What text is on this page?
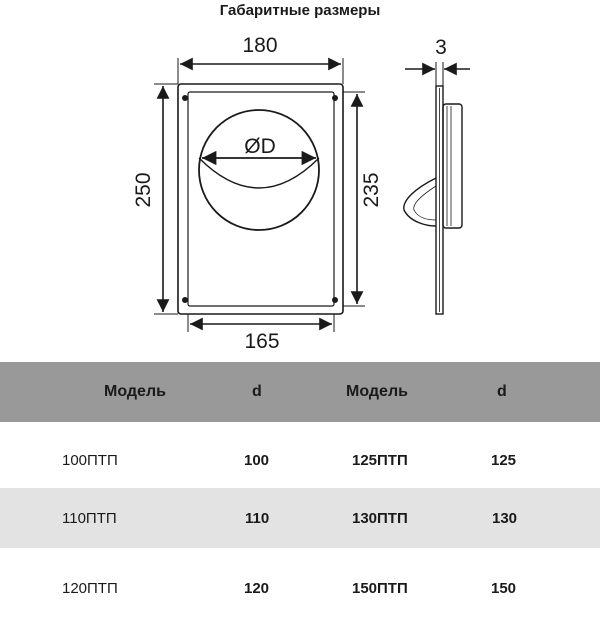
Габаритные размеры
ØD
180
165
250	235
3
Модель	d	Модель	d
100ПТП	100	125ПТП	125
110ПТП	110	130ПТП	130
120ПТП	120	150ПТП	150
